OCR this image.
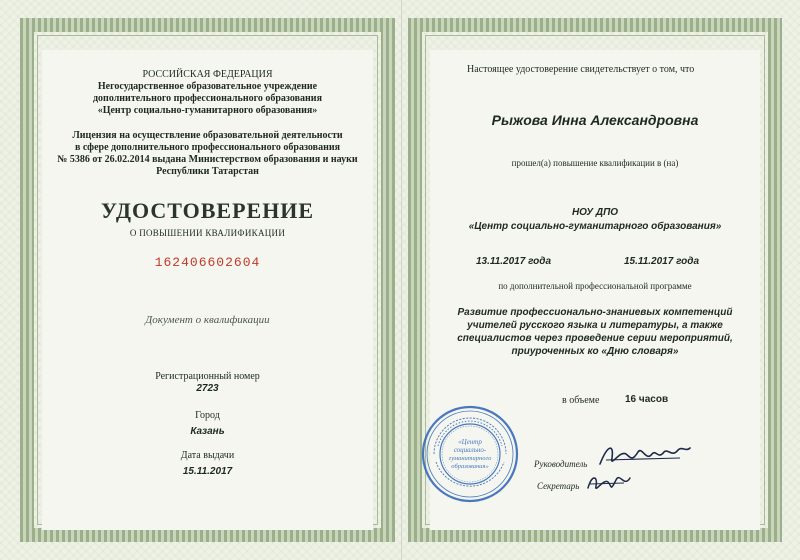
РОССИЙСКАЯ ФЕДЕРАЦИЯ
Негосударственное образовательное учреждение
дополнительного профессионального образования
«Центр социально-гуманитарного образования»
Лицензия на осуществление образовательной деятельности
в сфере дополнительного профессионального образования
№ 5386 от 26.02.2014 выдана Министерством образования и науки
Республики Татарстан
УДОСТОВЕРЕНИЕ
О ПОВЫШЕНИИ КВАЛИФИКАЦИИ
162406602604
Документ о квалификации
Регистрационный номер
2723
Город
Казань
Дата выдачи
15.11.2017
Настоящее удостоверение свидетельствует о том, что
Рыжова Инна Александровна
прошел(а) повышение квалификации в (на)
НОУ ДПО
«Центр социально-гуманитарного образования»
13.11.2017 года	15.11.2017 года
по дополнительной профессиональной программе
Развитие профессионально-знаниевых компетенций
учителей русского языка и литературы, а также
специалистов через проведение серии мероприятий,
приуроченных ко «Дню словаря»
в объеме	16 часов
Руководитель
Секретарь
«Центр
социально-
гуманитарного
образования»
